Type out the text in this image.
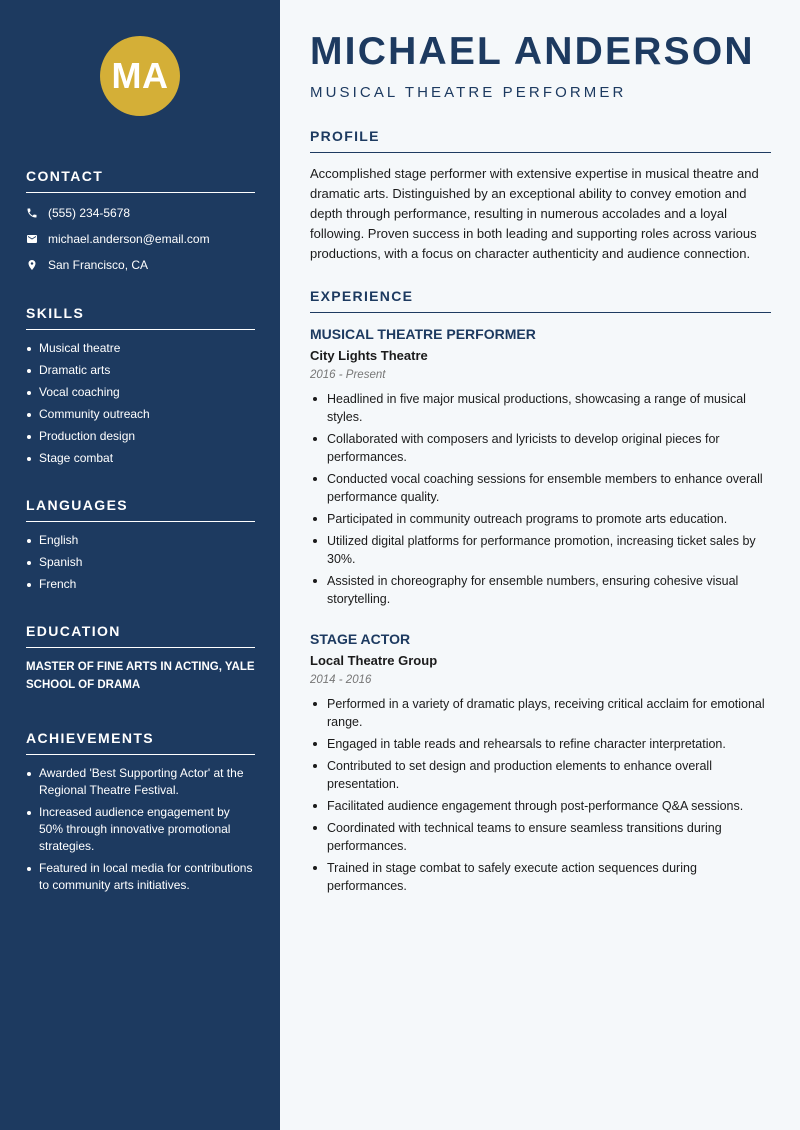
MA
CONTACT
(555) 234-5678
michael.anderson@email.com
San Francisco, CA
SKILLS
Musical theatre
Dramatic arts
Vocal coaching
Community outreach
Production design
Stage combat
LANGUAGES
English
Spanish
French
EDUCATION
MASTER OF FINE ARTS IN ACTING, YALE SCHOOL OF DRAMA
ACHIEVEMENTS
Awarded 'Best Supporting Actor' at the Regional Theatre Festival.
Increased audience engagement by 50% through innovative promotional strategies.
Featured in local media for contributions to community arts initiatives.
MICHAEL ANDERSON
MUSICAL THEATRE PERFORMER
PROFILE

Accomplished stage performer with extensive expertise in musical theatre and dramatic arts. Distinguished by an exceptional ability to convey emotion and depth through performance, resulting in numerous accolades and a loyal following. Proven success in both leading and supporting roles across various productions, with a focus on character authenticity and audience connection.

EXPERIENCE
MUSICAL THEATRE PERFORMER
City Lights Theatre
2016 - Present
Headlined in five major musical productions, showcasing a range of musical styles.
Collaborated with composers and lyricists to develop original pieces for performances.
Conducted vocal coaching sessions for ensemble members to enhance overall performance quality.
Participated in community outreach programs to promote arts education.
Utilized digital platforms for performance promotion, increasing ticket sales by 30%.
Assisted in choreography for ensemble numbers, ensuring cohesive visual storytelling.
STAGE ACTOR
Local Theatre Group
2014 - 2016
Performed in a variety of dramatic plays, receiving critical acclaim for emotional range.
Engaged in table reads and rehearsals to refine character interpretation.
Contributed to set design and production elements to enhance overall presentation.
Facilitated audience engagement through post-performance Q&A sessions.
Coordinated with technical teams to ensure seamless transitions during performances.
Trained in stage combat to safely execute action sequences during performances.
